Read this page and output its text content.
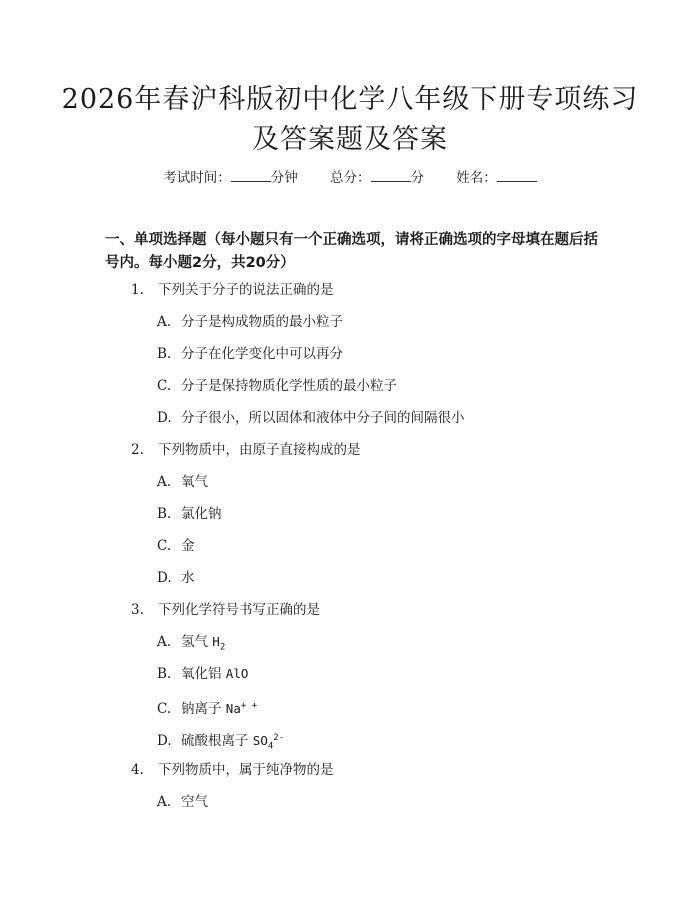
2026年春沪科版初中化学八年级下册专项练习及答案题及答案
考试时间：	分钟 总分：	分 姓名：
一、单项选择题（每小题只有一个正确选项，请将正确选项的字母填在题后括号内。每小题2分，共20分）
1. 下列关于分子的说法正确的是
A. 分子是构成物质的最小粒子
B. 分子在化学变化中可以再分
C. 分子是保持物质化学性质的最小粒子
D. 分子很小，所以固体和液体中分子间的间隔很小
2. 下列物质中，由原子直接构成的是
A. 氧气
B. 氯化钠
C. 金
D. 水
3. 下列化学符号书写正确的是
A. 氢气 $H_2$
B. 氧化铝 AlO
C. 钠离子 Na+ +
D. 硫酸根离子 $SO_4^{2-}$
4. 下列物质中，属于纯净物的是
A. 空气
